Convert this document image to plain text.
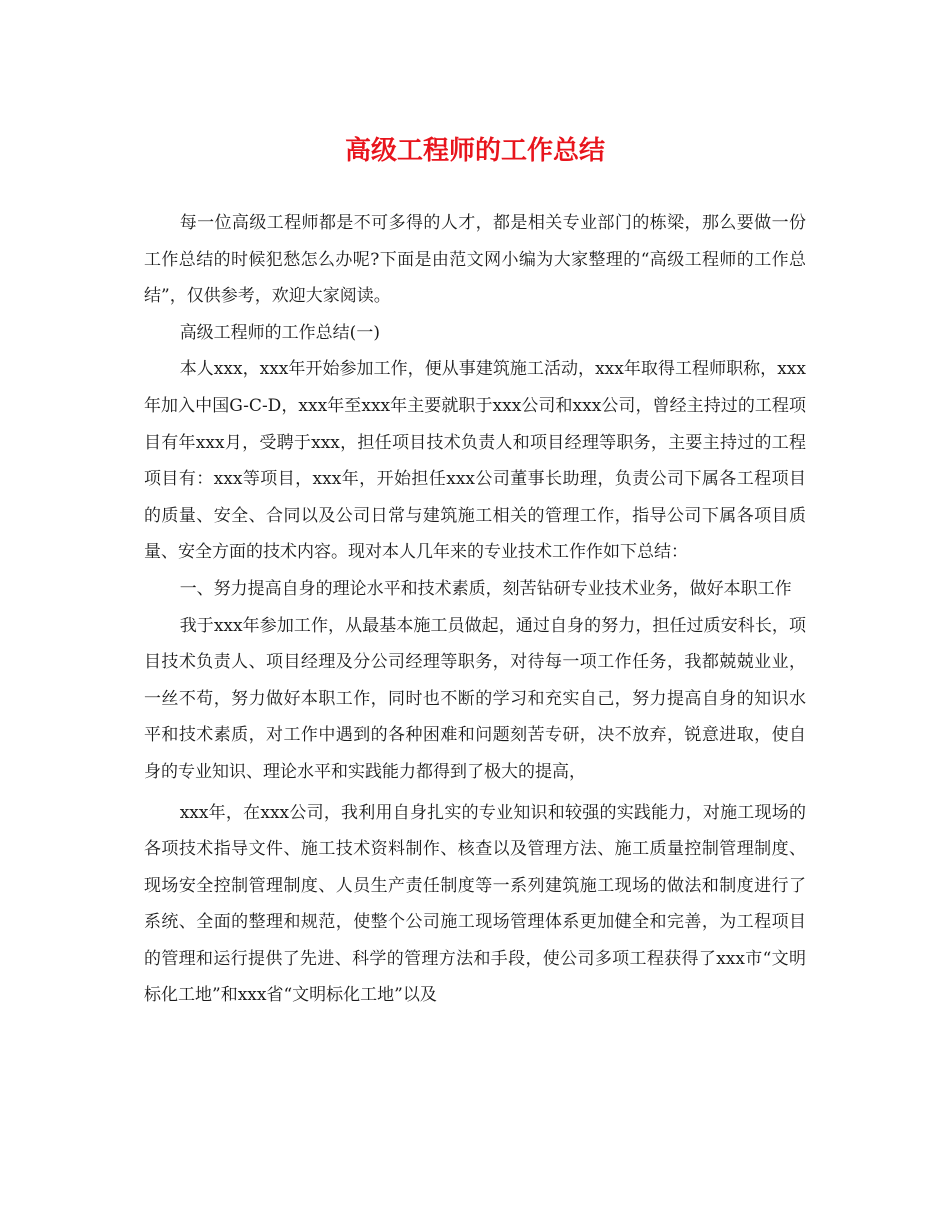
高级工程师的工作总结

每一位高级工程师都是不可多得的人才，都是相关专业部门的栋梁，那么要做一份工作总结的时候犯愁怎么办呢?下面是由范文网小编为大家整理的“高级工程师的工作总结”，仅供参考，欢迎大家阅读。

高级工程师的工作总结(一)

本人xxx，xxx年开始参加工作，便从事建筑施工活动，xxx年取得工程师职称，xxx年加入中国G-C-D，xxx年至xxx年主要就职于xxx公司和xxx公司，曾经主持过的工程项目有年xxx月，受聘于xxx，担任项目技术负责人和项目经理等职务，主要主持过的工程项目有：xxx等项目，xxx年，开始担任xxx公司董事长助理，负责公司下属各工程项目的质量、安全、合同以及公司日常与建筑施工相关的管理工作，指导公司下属各项目质量、安全方面的技术内容。现对本人几年来的专业技术工作作如下总结：

一、努力提高自身的理论水平和技术素质，刻苦钻研专业技术业务，做好本职工作

我于xxx年参加工作，从最基本施工员做起，通过自身的努力，担任过质安科长，项目技术负责人、项目经理及分公司经理等职务，对待每一项工作任务，我都兢兢业业，一丝不苟，努力做好本职工作，同时也不断的学习和充实自己，努力提高自身的知识水平和技术素质，对工作中遇到的各种困难和问题刻苦专研，决不放弃，锐意进取，使自身的专业知识、理论水平和实践能力都得到了极大的提高，

xxx年，在xxx公司，我利用自身扎实的专业知识和较强的实践能力，对施工现场的各项技术指导文件、施工技术资料制作、核查以及管理方法、施工质量控制管理制度、现场安全控制管理制度、人员生产责任制度等一系列建筑施工现场的做法和制度进行了系统、全面的整理和规范，使整个公司施工现场管理体系更加健全和完善，为工程项目的管理和运行提供了先进、科学的管理方法和手段，使公司多项工程获得了xxx市“文明标化工地”和xxx省“文明标化工地”以及
